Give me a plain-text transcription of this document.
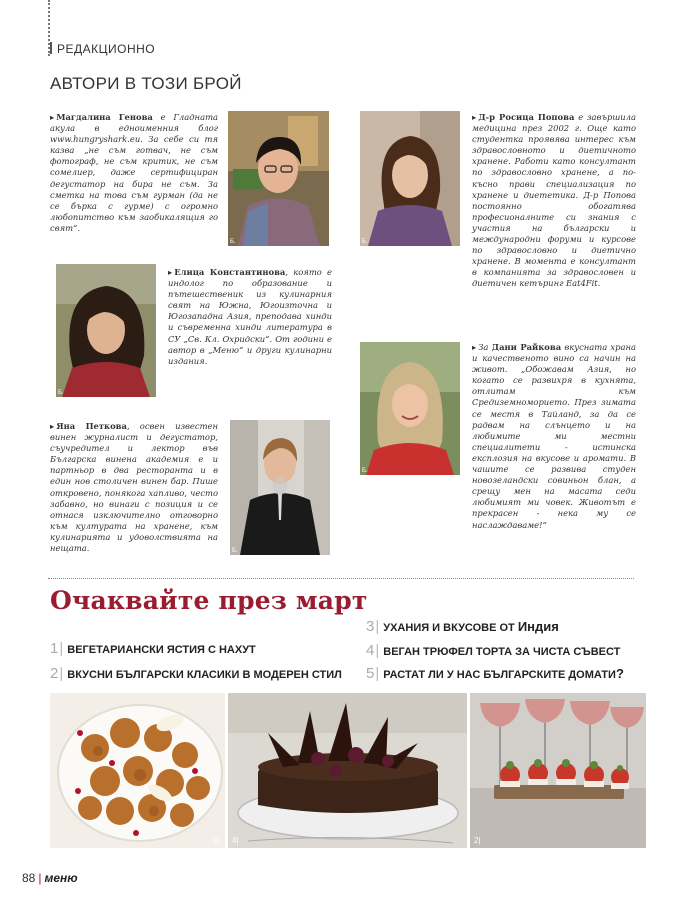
РЕДАКЦИОННО
АВТОРИ В ТОЗИ БРОЙ
▸ Магдалина Генова е Гладната акула в едноименния блог www.hungryshark.eu. За себе си тя казва „не съм готвач, не съм фотограф, не съм критик, не съм сомелиер, даже сертифициран дегустатор на бира не съм. За сметка на това съм гурман (да не се бърка с гурме) с огромно любопитство към заобикалящия го свят“.
Б.	Б.
▸ Д-р Росица Попова е завършила медицина през 2002 г. Още като студентка проявява интерес към здравословното и диетичното хранене. Работи като консултант по здравословно хранене, а по-късно прави специализация по хранене и диететика. Д-р Попова постоянно обогатява професионалните си знания с участия на български и международни форуми и курсове по здравословно и диетично хранене. В момента е консултант в компанията за здравословен и диетичен кетъринг Eat4Fit.
Б.
▸ Елица Константинова, която е индолог по образование и пътешественик из кулинарния свят на Южна, Югоизточна и Югозападна Азия, преподава хинди и съвременна хинди литература в СУ „Св. Кл. Охридски“. От години е автор в „Меню“ и други кулинарни издания.
Б.
▸ За Дани Райкова вкусната храна и качественото вино са начин на живот. „Обожавам Азия, но когато се развихря в кухнята, отлитам към Средиземноморието. През зимата се местя в Тайланд, за да се радвам на слънцето и на любимите ми местни специалитети - истинска експлозия на вкусове и аромати. В чашите се развива студен новозеландски совиньон блан, а срещу мен на масата седи любимият ми човек. Животът е прекрасен - нека му се наслаждаваме!“
▸ Яна Петкова, освен известен винен журналист и дегустатор, съучредител и лектор във Българска винена академия е и партньор в два ресторанта и в един нов столичен винен бар. Пише откровено, понякога хапливо, често забавно, но винаги с позиция и се отнася изключително отговорно към културата на хранене, към кулинарията и удоволствията на нещата.	Б.
Очаквайте през март
1| ВЕГЕТАРИАНСКИ ЯСТИЯ С НАХУТ
2| ВКУСНИ БЪЛГАРСКИ КЛАСИКИ В МОДЕРЕН СТИЛ
3| УХАНИЯ И ВКУСОВЕ ОТ Индия
4| ВЕГАН ТРЮФЕЛ ТОРТА ЗА ЧИСТА СЪВЕСТ
5| РАСТАТ ЛИ У НАС БЪЛГАРСКИТЕ ДОМАТИ?
1| 4|	2|
88 | меню
